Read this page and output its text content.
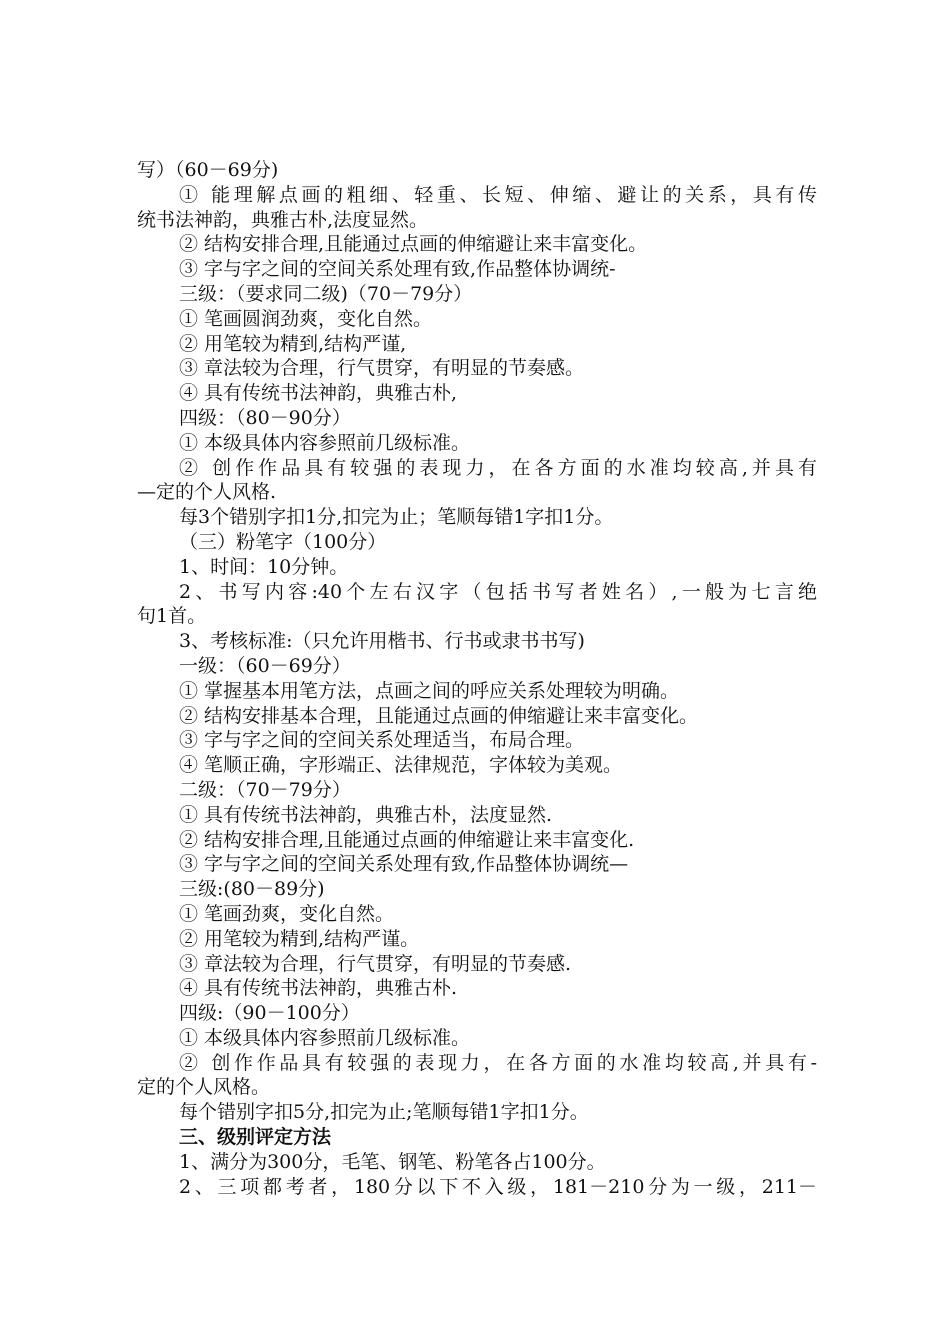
写）（60－69分)
① 能理解点画的粗细、轻重、长短、伸缩、避让的关系，具有传
统书法神韵，典雅古朴,法度显然。
② 结构安排合理,且能通过点画的伸缩避让来丰富变化。
③ 字与字之间的空间关系处理有致,作品整体协调统-
三级：（要求同二级)（70－79分）
① 笔画圆润劲爽，变化自然。
② 用笔较为精到,结构严谨,
③ 章法较为合理，行气贯穿，有明显的节奏感。
④ 具有传统书法神韵，典雅古朴,
四级：（80－90分）
① 本级具体内容参照前几级标准。
② 创作作品具有较强的表现力，在各方面的水准均较高,并具有
—定的个人风格.
每3个错别字扣1分,扣完为止；笔顺每错1字扣1分。
（三）粉笔字（100分）
1、时间：10分钟。
2、书写内容:40个左右汉字（包括书写者姓名）,一般为七言绝
句1首。
3、考核标准:（只允许用楷书、行书或隶书书写)
一级：（60－69分）
① 掌握基本用笔方法，点画之间的呼应关系处理较为明确。
② 结构安排基本合理，且能通过点画的伸缩避让来丰富变化。
③ 字与字之间的空间关系处理适当，布局合理。
④ 笔顺正确，字形端正、法律规范，字体较为美观。
二级：（70－79分）
① 具有传统书法神韵，典雅古朴，法度显然.
② 结构安排合理,且能通过点画的伸缩避让来丰富变化.
③ 字与字之间的空间关系处理有致,作品整体协调统—
三级:(80－89分)
① 笔画劲爽，变化自然。
② 用笔较为精到,结构严谨。
③ 章法较为合理，行气贯穿，有明显的节奏感.
④ 具有传统书法神韵，典雅古朴.
四级:（90－100分）
① 本级具体内容参照前几级标准。
② 创作作品具有较强的表现力，在各方面的水准均较高,并具有-
定的个人风格。
每个错别字扣5分,扣完为止;笔顺每错1字扣1分。
三、级别评定方法
1、满分为300分，毛笔、钢笔、粉笔各占100分。
2、三项都考者，180分以下不入级，181－210分为一级，211－
